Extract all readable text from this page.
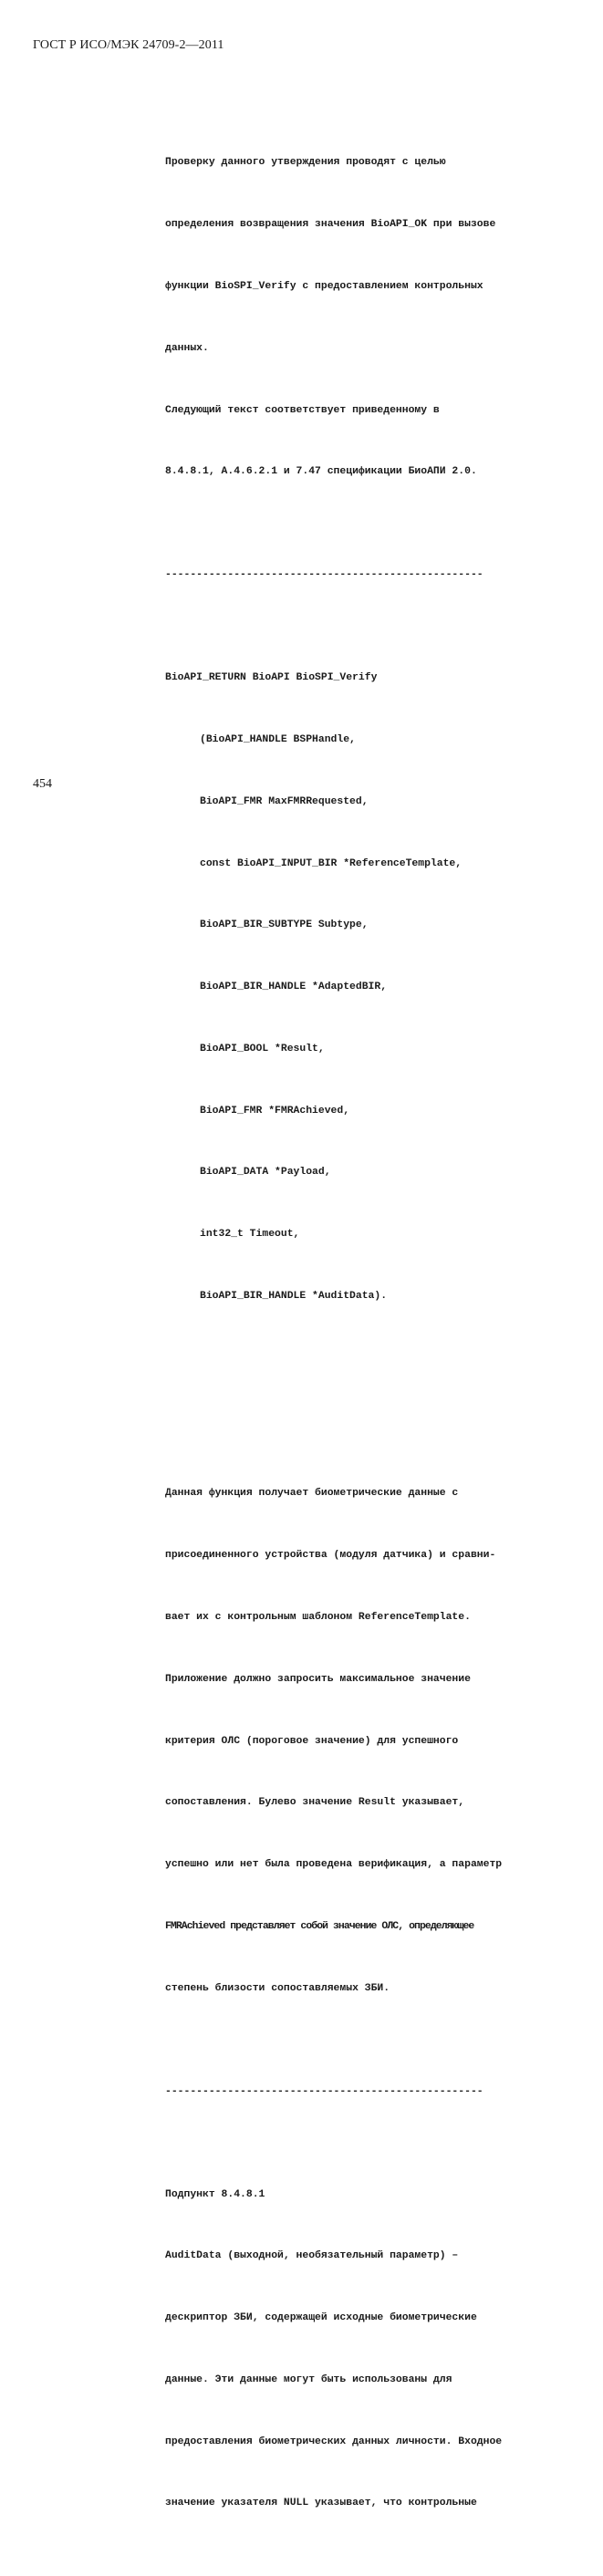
ГОСТ Р ИСО/МЭК 24709-2—2011

Проверку данного утверждения проводят с целью

определения возвращения значения BioAPI_OK при вызове

функции BioSPI_Verify с предоставлением контрольных

данных.

Следующий текст соответствует приведенному в

8.4.8.1, A.4.6.2.1 и 7.47 спецификации БиоАПИ 2.0.

---------------------------------------------------

BioAPI_RETURN BioAPI BioSPI_Verify

(BioAPI_HANDLE BSPHandle,

BioAPI_FMR MaxFMRRequested,

const BioAPI_INPUT_BIR *ReferenceTemplate,

BioAPI_BIR_SUBTYPE Subtype,

BioAPI_BIR_HANDLE *AdaptedBIR,

BioAPI_BOOL *Result,

BioAPI_FMR *FMRAchieved,

BioAPI_DATA *Payload,

int32_t Timeout,

BioAPI_BIR_HANDLE *AuditData).

Данная функция получает биометрические данные с

присоединенного устройства (модуля датчика) и сравни-

вает их с контрольным шаблоном ReferenceTemplate.

Приложение должно запросить максимальное значение

критерия ОЛС (пороговое значение) для успешного

сопоставления. Булево значение Result указывает,

успешно или нет была проведена верификация, а параметр

FMRAchieved представляет собой значение ОЛС, определяющее

степень близости сопоставляемых ЗБИ.

---------------------------------------------------

Подпункт 8.4.8.1

AuditData (выходной, необязательный параметр) –

дескриптор ЗБИ, содержащей исходные биометрические

данные. Эти данные могут быть использованы для

предоставления биометрических данных личности. Входное

значение указателя NULL указывает, что контрольные

454
